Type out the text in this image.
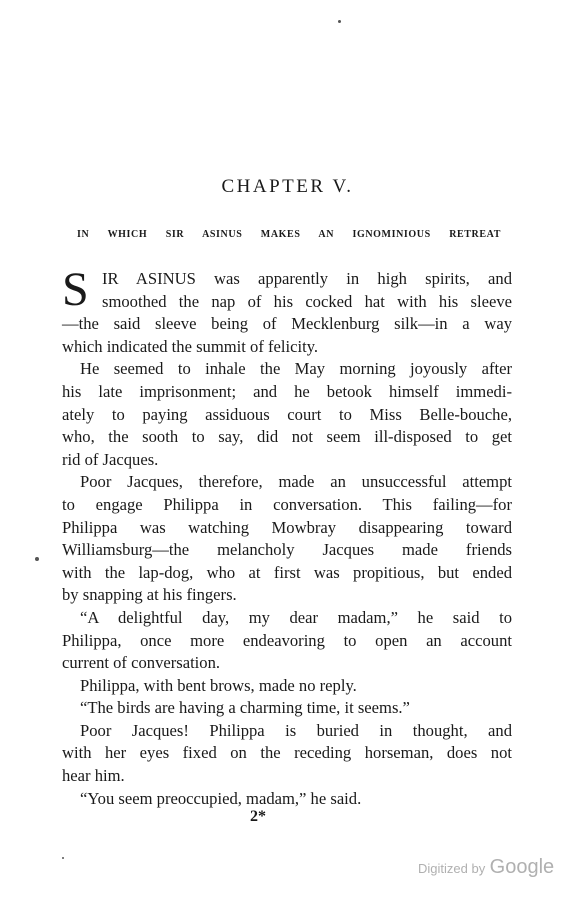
CHAPTER V.
IN WHICH SIR ASINUS MAKES AN IGNOMINIOUS RETREAT
S IR ASINUS was apparently in high spirits, and
smoothed the nap of his cocked hat with his sleeve
—the said sleeve being of Mecklenburg silk—in a way
which indicated the summit of felicity.
He seemed to inhale the May morning joyously after
his late imprisonment; and he betook himself immedi-
ately to paying assiduous court to Miss Belle-bouche,
who, the sooth to say, did not seem ill-disposed to get
rid of Jacques.
Poor Jacques, therefore, made an unsuccessful attempt
to engage Philippa in conversation. This failing—for
Philippa was watching Mowbray disappearing toward
Williamsburg—the melancholy Jacques made friends
with the lap-dog, who at first was propitious, but ended
by snapping at his fingers.
“A delightful day, my dear madam,” he said to
Philippa, once more endeavoring to open an account
current of conversation.
Philippa, with bent brows, made no reply.
“The birds are having a charming time, it seems.”
Poor Jacques! Philippa is buried in thought, and
with her eyes fixed on the receding horseman, does not
hear him.
“You seem preoccupied, madam,” he said.
2*
Digitized by Google
